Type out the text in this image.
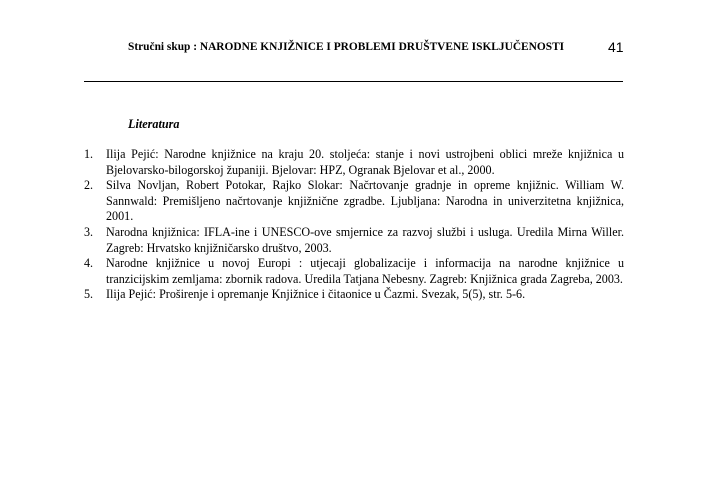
Stručni skup : NARODNE KNJIŽNICE I PROBLEMI DRUŠTVENE ISKLJUČENOSTI	41
Literatura
1. Ilija Pejić: Narodne knjižnice na kraju 20. stoljeća: stanje i novi ustrojbeni oblici mreže knjižnica u Bjelovarsko-bilogorskoj županiji. Bjelovar: HPZ, Ogranak Bjelovar et al., 2000.
2. Silva Novljan, Robert Potokar, Rajko Slokar: Načrtovanje gradnje in opreme knjižnic. William W. Sannwald: Premišljeno načrtovanje knjižnične zgradbe. Ljubljana: Narodna in univerzitetna knjižnica, 2001.
3. Narodna knjižnica: IFLA-ine i UNESCO-ove smjernice za razvoj službi i usluga. Uredila Mirna Willer. Zagreb: Hrvatsko knjižničarsko društvo, 2003.
4. Narodne knjižnice u novoj Europi : utjecaji globalizacije i informacija na narodne knjižnice u tranzicijskim zemljama: zbornik radova. Uredila Tatjana Nebesny. Zagreb: Knjižnica grada Zagreba, 2003.
5. Ilija Pejić: Proširenje i opremanje Knjižnice i čitaonice u Čazmi. Svezak, 5(5), str. 5-6.
